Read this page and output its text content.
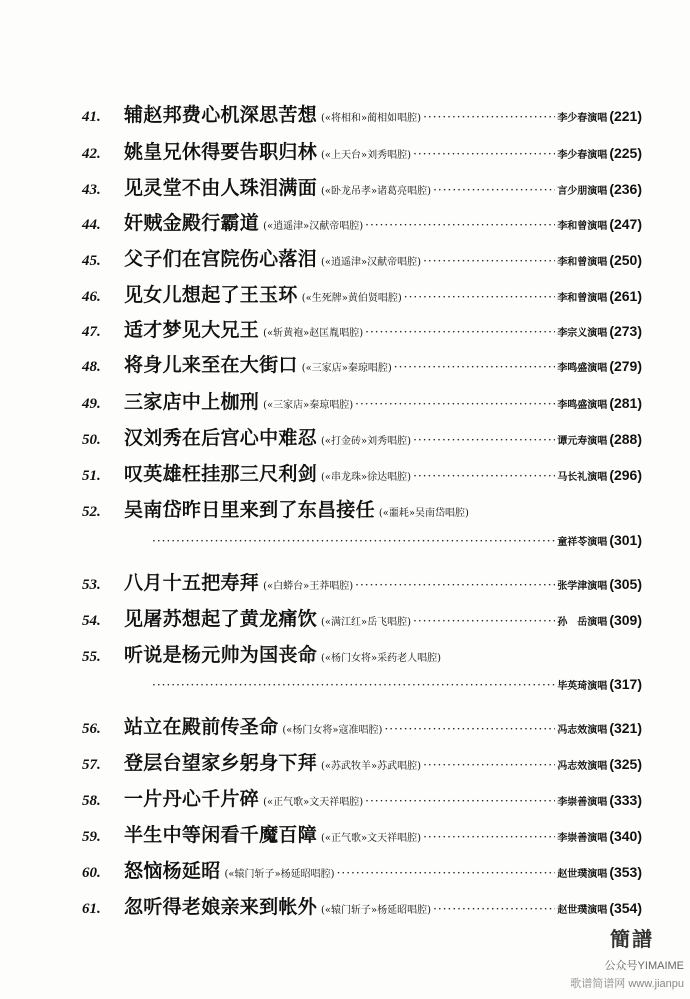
41.	辅赵邦费心机深思苦想 («将相和»蔺相如唱腔) ·····	李少春演唱 (221)
42.	姚皇兄休得要告职归林 («上天台»刘秀唱腔) ·····	李少春演唱 (225)
43.	见灵堂不由人珠泪满面 («卧龙吊孝»诸葛亮唱腔) ·····	言少朋演唱 (236)
44.	奸贼金殿行霸道 («逍遥津»汉献帝唱腔) ·····	李和曾演唱 (247)
45.	父子们在宫院伤心落泪 («逍遥津»汉献帝唱腔) ·····	李和曾演唱 (250)
46.	见女儿想起了王玉环 («生死牌»黄伯贤唱腔) ·····	李和曾演唱 (261)
47.	适才梦见大兄王 («斩黄袍»赵匡胤唱腔) ·····	李宗义演唱 (273)
48.	将身儿来至在大街口 («三家店»秦琼唱腔) ·····	李鸣盛演唱 (279)
49.	三家店中上枷刑 («三家店»秦琼唱腔) ·····	李鸣盛演唱 (281)
50.	汉刘秀在后宫心中难忍 («打金砖»刘秀唱腔) ·····	谭元寿演唱 (288)
51.	叹英雄枉挂那三尺利剑 («串龙珠»徐达唱腔) ·····	马长礼演唱 (296)
52.	吴南岱昨日里来到了东昌接任 («噩耗»吴南岱唱腔)
·····
童祥苓演唱 (301)
53.	八月十五把寿拜 («白蟒台»王莽唱腔) ·····	张学津演唱 (305)
54.	见屠苏想起了黄龙痛饮 («满江红»岳飞唱腔) ·····	孙　岳演唱 (309)
55.	听说是杨元帅为国丧命 («杨门女将»采药老人唱腔)
·····
毕英琦演唱 (317)
56.	站立在殿前传圣命 («杨门女将»寇准唱腔) ·····	冯志效演唱 (321)
57.	登层台望家乡躬身下拜 («苏武牧羊»苏武唱腔) ·····	冯志效演唱 (325)
58.	一片丹心千片碎 («正气歌»文天祥唱腔) ·····	李崇善演唱 (333)
59.	半生中等闲看千魔百障 («正气歌»文天祥唱腔) ·····	李崇善演唱 (340)
60.	怒恼杨延昭 («辕门斩子»杨延昭唱腔) ·····	赵世璞演唱 (353)
61.	忽听得老娘亲来到帐外 («辕门斩子»杨延昭唱腔) ·····	赵世璞演唱 (354)
簡譜
公众号YIMAIME
歌谱简谱网 www.jianpu
